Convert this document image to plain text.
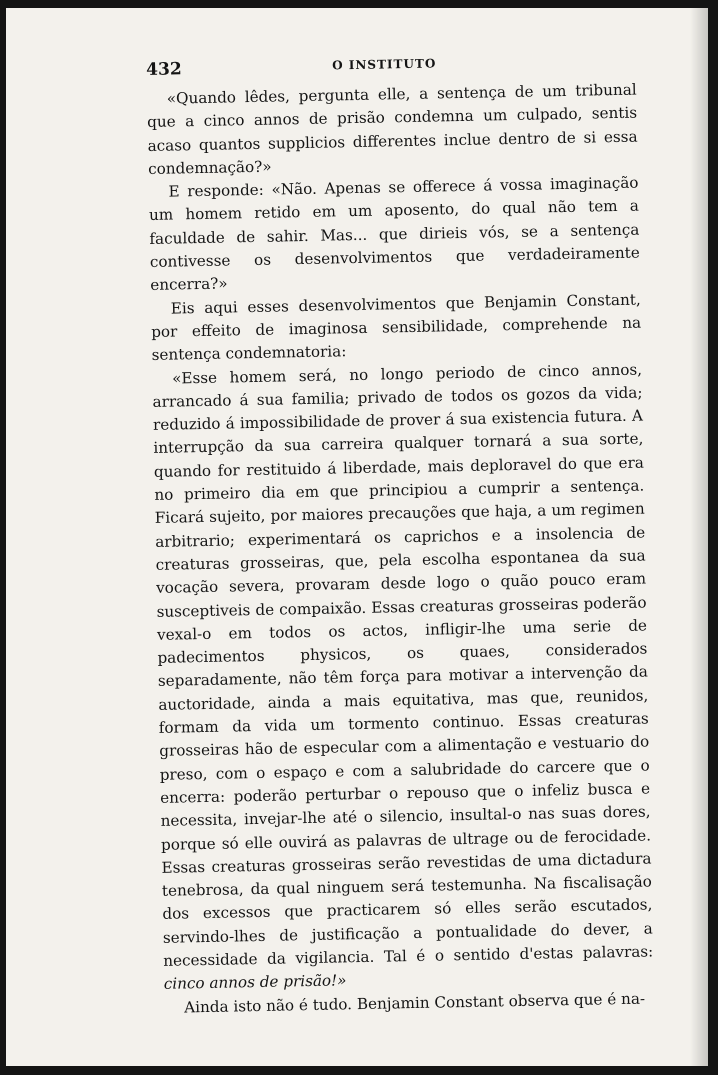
432	O INSTITUTO

«Quando lêdes, pergunta elle, a sentença de um tribunal que a cinco annos de prisão condemna um culpado, sentis acaso quantos supplicios differentes inclue dentro de si essa condemnação?»

E responde: «Não. Apenas se offerece á vossa imaginação um homem retido em um aposento, do qual não tem a faculdade de sahir. Mas... que dirieis vós, se a sentença contivesse os desenvolvimentos que verdadeiramente encerra?»

Eis aqui esses desenvolvimentos que Benjamin Constant, por effeito de imaginosa sensibilidade, comprehende na sentença condemnatoria:

«Esse homem será, no longo periodo de cinco annos, arrancado á sua familia; privado de todos os gozos da vida; reduzido á impossibilidade de prover á sua existencia futura. A interrupção da sua carreira qualquer tornará a sua sorte, quando for restituido á liberdade, mais deploravel do que era no primeiro dia em que principiou a cumprir a sentença. Ficará sujeito, por maiores precauções que haja, a um regimen arbitrario; experimentará os caprichos e a insolencia de creaturas grosseiras, que, pela escolha espontanea da sua vocação severa, provaram desde logo o quão pouco eram susceptiveis de compaixão. Essas creaturas grosseiras poderão vexal-o em todos os actos, infligir-lhe uma serie de padecimentos physicos, os quaes, considerados separadamente, não têm força para motivar a intervenção da auctoridade, ainda a mais equitativa, mas que, reunidos, formam da vida um tormento continuo. Essas creaturas grosseiras hão de especular com a alimentação e vestuario do preso, com o espaço e com a salubridade do carcere que o encerra: poderão perturbar o repouso que o infeliz busca e necessita, invejar-lhe até o silencio, insultal-o nas suas dores, porque só elle ouvirá as palavras de ultrage ou de ferocidade. Essas creaturas grosseiras serão revestidas de uma dictadura tenebrosa, da qual ninguem será testemunha. Na fiscalisação dos excessos que practicarem só elles serão escutados, servindo-lhes de justificação a pontualidade do dever, a necessidade da vigilancia. Tal é o sentido d'estas palavras: cinco annos de prisão!»

Ainda isto não é tudo. Benjamin Constant observa que é na-
